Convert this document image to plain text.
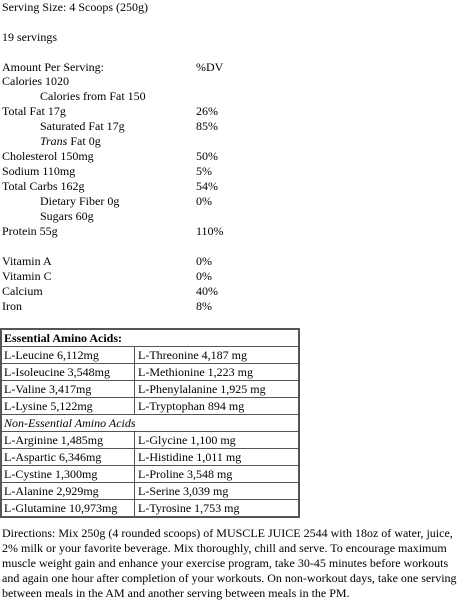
Serving Size: 4 Scoops (250g)
19 servings
Amount Per Serving:	%DV
Calories 1020
Calories from Fat 150
Total Fat 17g	26%
Saturated Fat 17g	85%
Trans Fat 0g
Cholesterol 150mg	50%
Sodium 110mg	5%
Total Carbs 162g	54%
Dietary Fiber 0g	0%
Sugars 60g
Protein 55g	110%
Vitamin A	0%
Vitamin C	0%
Calcium	40%
Iron	8%
Essential Amino Acids:
L-Leucine 6,112mg	L-Threonine 4,187 mg
L-Isoleucine 3,548mg	L-Methionine 1,223 mg
L-Valine 3,417mg	L-Phenylalanine 1,925 mg
L-Lysine 5,122mg	L-Tryptophan 894 mg
Non-Essential Amino Acids
L-Arginine 1,485mg	L-Glycine 1,100 mg
L-Aspartic 6,346mg	L-Histidine 1,011 mg
L-Cystine 1,300mg	L-Proline 3,548 mg
L-Alanine 2,929mg	L-Serine 3,039 mg
L-Glutamine 10,973mg	L-Tyrosine 1,753 mg
Directions: Mix 250g (4 rounded scoops) of MUSCLE JUICE 2544 with 18oz of water, juice, 2% milk or your favorite beverage. Mix thoroughly, chill and serve. To encourage maximum muscle weight gain and enhance your exercise program, take 30-45 minutes before workouts and again one hour after completion of your workouts. On non-workout days, take one serving between meals in the AM and another serving between meals in the PM.
